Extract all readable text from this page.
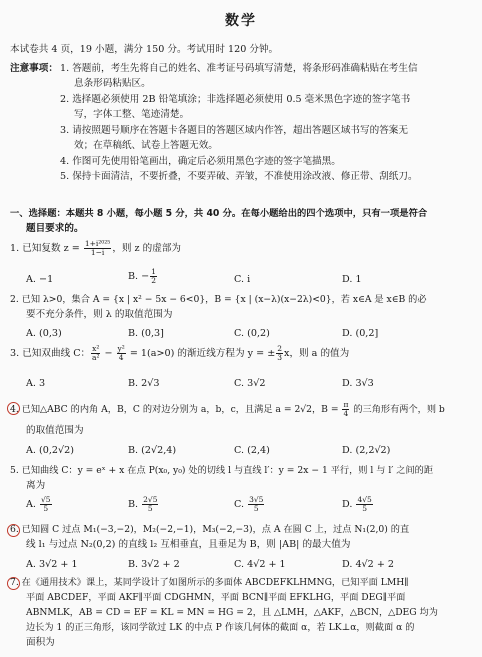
数学
本试卷共 4 页，19 小题，满分 150 分。考试用时 120 分钟。
注意事项： 1. 答题前，考生先将自己的姓名、准考证号码填写清楚，将条形码准确粘贴在考生信
息条形码粘贴区。
2. 选择题必须使用 2B 铅笔填涂；非选择题必须使用 0.5 毫米黑色字迹的签字笔书
写，字体工整、笔迹清楚。
3. 请按照题号顺序在答题卡各题目的答题区域内作答，超出答题区域书写的答案无
效；在草稿纸、试卷上答题无效。
4. 作图可先使用铅笔画出，确定后必须用黑色字迹的签字笔描黑。
5. 保持卡面清洁，不要折叠，不要弄破、弄皱，不准使用涂改液、修正带、刮纸刀。
一、选择题：本题共 8 小题，每小题 5 分，共 40 分。在每小题给出的四个选项中，只有一项是符合
题目要求的。
1. 已知复数 $z = \frac{\text{1+i²⁰²⁵}}{1-i}$ ，则 z 的虚部为
A. −1	B. − $\frac{1}{2}$	C. i	D. 1
2. 已知 λ>0，集合 A = {x | x² − 5x − 6<0}，B = {x | (x−λ)(x−2λ)<0}，若 x∈A 是 x∈B 的必
要不充分条件，则 λ 的取值范围为
A. (0,3)	B. (0,3]	C. (0,2)	D. (0,2]
3. 已知双曲线 C： $\frac{\text{x²}}{\text{a²}} - \frac{\text{y²}}{4} = 1(a>0)$ 的渐近线方程为 y = ± $\frac{2}{3}$ x，则 a 的值为
A. 3	B. 2√3	C. 3√2	D. 3√3
4. 已知△ABC 的内角 A，B，C 的对边分别为 a，b，c，且满足 a = 2√2，$B = \frac{\pi}{4}$ 的三角形有两个，则 b
的取值范围为
A. (0,2√2)	B. (2√2,4)	C. (2,4)	D. (2,2√2)
5. 已知曲线 C：y = eˣ + x 在点 P(x₀, y₀) 处的切线 l 与直线 l′：y = 2x − 1 平行，则 l 与 l′ 之间的距
离为
A. $\frac{√5}{5}$	B. $\frac{2√5}{5}$	C. $\frac{3√5}{5}$	D. $\frac{4√5}{5}$
6. 已知圆 C 过点 M₁(−3,−2)，M₂(−2,−1)，M₃(−2,−3)，点 A 在圆 C 上，过点 N₁(2,0) 的直
线 l₁ 与过点 N₂(0,2) 的直线 l₂ 互相垂直，且垂足为 B，则 |AB| 的最大值为
A. 3√2 + 1	B. 3√2 + 2	C. 4√2 + 1	D. 4√2 + 2
7. 在《通用技术》课上，某同学设计了如图所示的多面体 ABCDEFKLHMNG，已知平面 LMH∥
平面 ABCDEF，平面 AKF∥平面 CDGHMN，平面 BCN∥平面 EFKLHG，平面 DEG∥平面
ABNMLK，AB = CD = EF = KL = MN = HG = 2，且 △LMH，△AKF，△BCN，△DEG 均为
边长为 1 的正三角形，该同学欲过 LK 的中点 P 作该几何体的截面 α，若 LK⊥α，则截面 α 的
面积为
